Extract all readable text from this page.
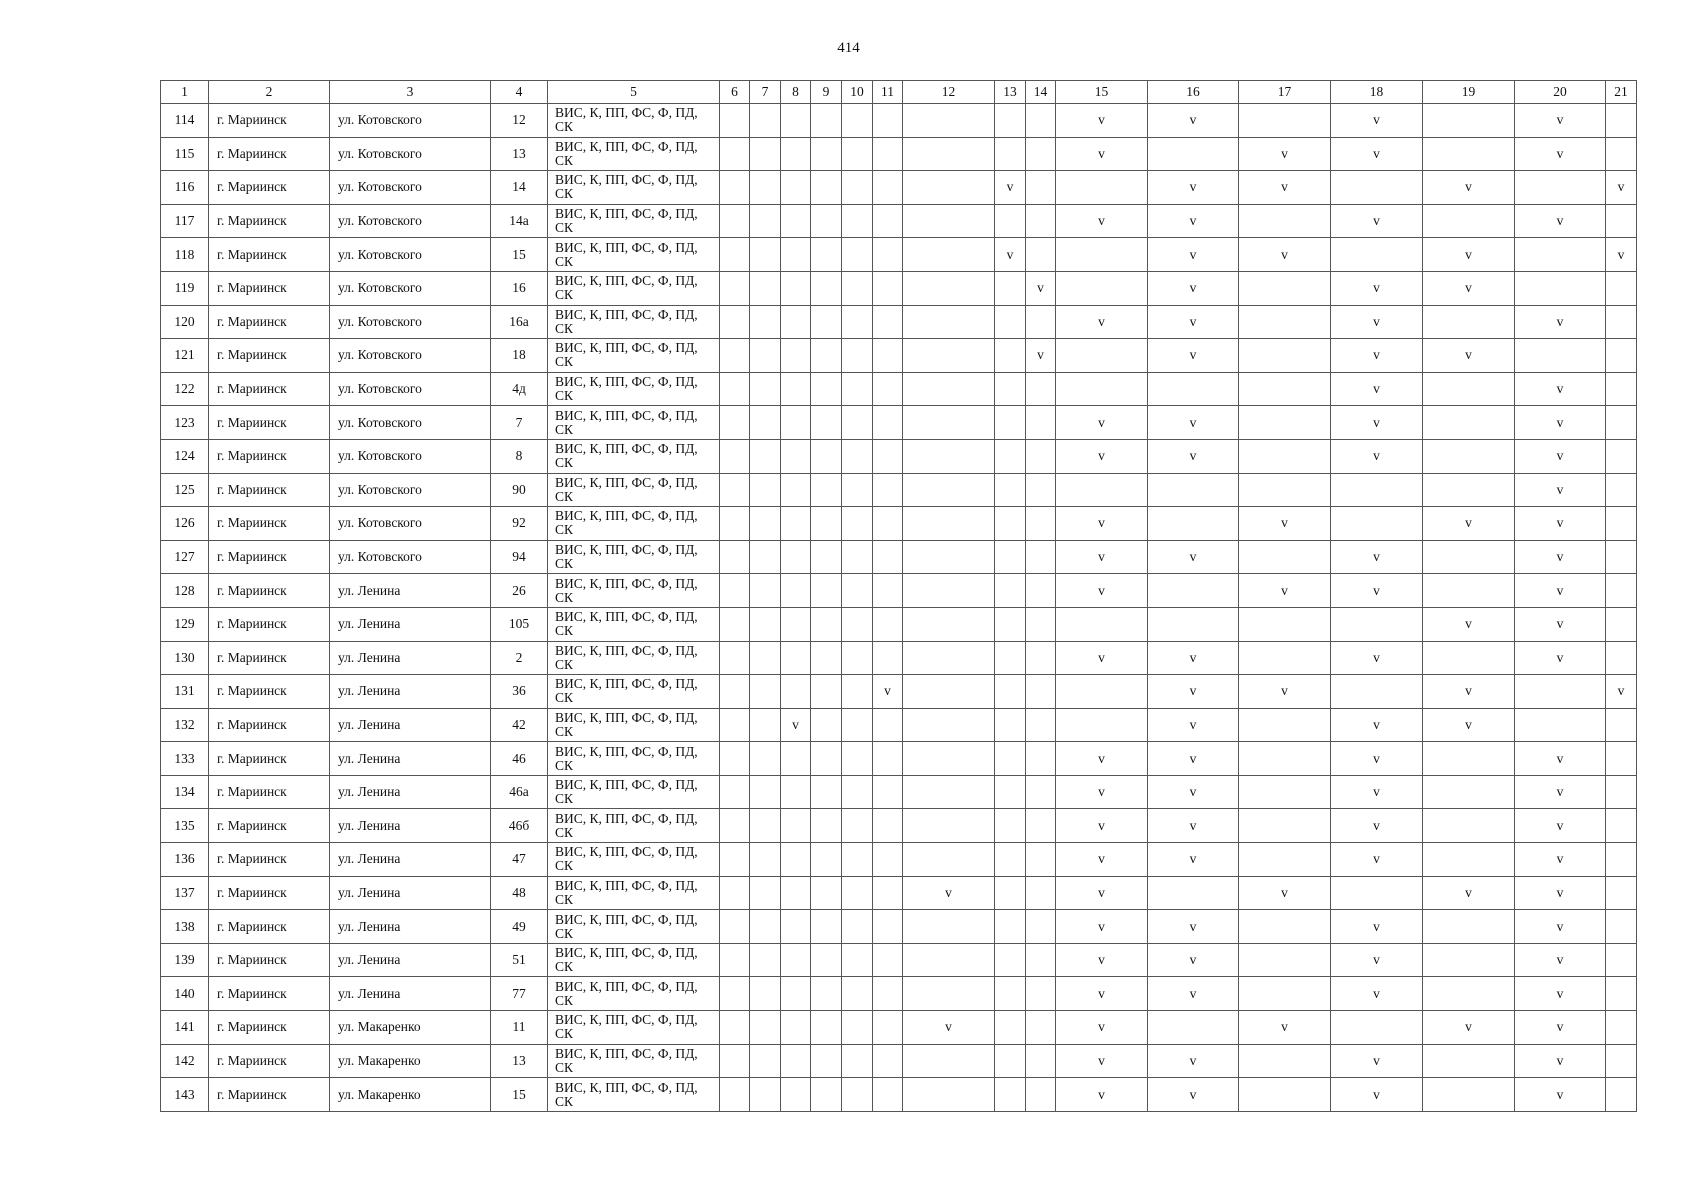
414
1	2	3	4	5	6	7	8	9	10	11	12	13	14	15	16	17	18	19	20	21
114	г. Мариинск	ул. Котовского	12	ВИС, К, ПП, ФС, Ф, ПД, СК										v	v		v		v	
115	г. Мариинск	ул. Котовского	13	ВИС, К, ПП, ФС, Ф, ПД, СК										v		v	v		v	
116	г. Мариинск	ул. Котовского	14	ВИС, К, ПП, ФС, Ф, ПД, СК								v			v	v		v		v
117	г. Мариинск	ул. Котовского	14а	ВИС, К, ПП, ФС, Ф, ПД, СК										v	v		v		v	
118	г. Мариинск	ул. Котовского	15	ВИС, К, ПП, ФС, Ф, ПД, СК								v			v	v		v		v
119	г. Мариинск	ул. Котовского	16	ВИС, К, ПП, ФС, Ф, ПД, СК									v		v		v	v		
120	г. Мариинск	ул. Котовского	16а	ВИС, К, ПП, ФС, Ф, ПД, СК										v	v		v		v	
121	г. Мариинск	ул. Котовского	18	ВИС, К, ПП, ФС, Ф, ПД, СК									v		v		v	v		
122	г. Мариинск	ул. Котовского	4д	ВИС, К, ПП, ФС, Ф, ПД, СК													v		v	
123	г. Мариинск	ул. Котовского	7	ВИС, К, ПП, ФС, Ф, ПД, СК										v	v		v		v	
124	г. Мариинск	ул. Котовского	8	ВИС, К, ПП, ФС, Ф, ПД, СК										v	v		v		v	
125	г. Мариинск	ул. Котовского	90	ВИС, К, ПП, ФС, Ф, ПД, СК															v	
126	г. Мариинск	ул. Котовского	92	ВИС, К, ПП, ФС, Ф, ПД, СК										v		v		v	v	
127	г. Мариинск	ул. Котовского	94	ВИС, К, ПП, ФС, Ф, ПД, СК										v	v		v		v	
128	г. Мариинск	ул. Ленина	26	ВИС, К, ПП, ФС, Ф, ПД, СК										v		v	v		v	
129	г. Мариинск	ул. Ленина	105	ВИС, К, ПП, ФС, Ф, ПД, СК														v	v	
130	г. Мариинск	ул. Ленина	2	ВИС, К, ПП, ФС, Ф, ПД, СК										v	v		v		v	
131	г. Мариинск	ул. Ленина	36	ВИС, К, ПП, ФС, Ф, ПД, СК						v					v	v		v		v
132	г. Мариинск	ул. Ленина	42	ВИС, К, ПП, ФС, Ф, ПД, СК			v								v		v	v		
133	г. Мариинск	ул. Ленина	46	ВИС, К, ПП, ФС, Ф, ПД, СК										v	v		v		v	
134	г. Мариинск	ул. Ленина	46а	ВИС, К, ПП, ФС, Ф, ПД, СК										v	v		v		v	
135	г. Мариинск	ул. Ленина	46б	ВИС, К, ПП, ФС, Ф, ПД, СК										v	v		v		v	
136	г. Мариинск	ул. Ленина	47	ВИС, К, ПП, ФС, Ф, ПД, СК										v	v		v		v	
137	г. Мариинск	ул. Ленина	48	ВИС, К, ПП, ФС, Ф, ПД, СК							v			v		v		v	v	
138	г. Мариинск	ул. Ленина	49	ВИС, К, ПП, ФС, Ф, ПД, СК										v	v		v		v	
139	г. Мариинск	ул. Ленина	51	ВИС, К, ПП, ФС, Ф, ПД, СК										v	v		v		v	
140	г. Мариинск	ул. Ленина	77	ВИС, К, ПП, ФС, Ф, ПД, СК										v	v		v		v	
141	г. Мариинск	ул. Макаренко	11	ВИС, К, ПП, ФС, Ф, ПД, СК							v			v		v		v	v	
142	г. Мариинск	ул. Макаренко	13	ВИС, К, ПП, ФС, Ф, ПД, СК										v	v		v		v	
143	г. Мариинск	ул. Макаренко	15	ВИС, К, ПП, ФС, Ф, ПД, СК										v	v		v		v	
